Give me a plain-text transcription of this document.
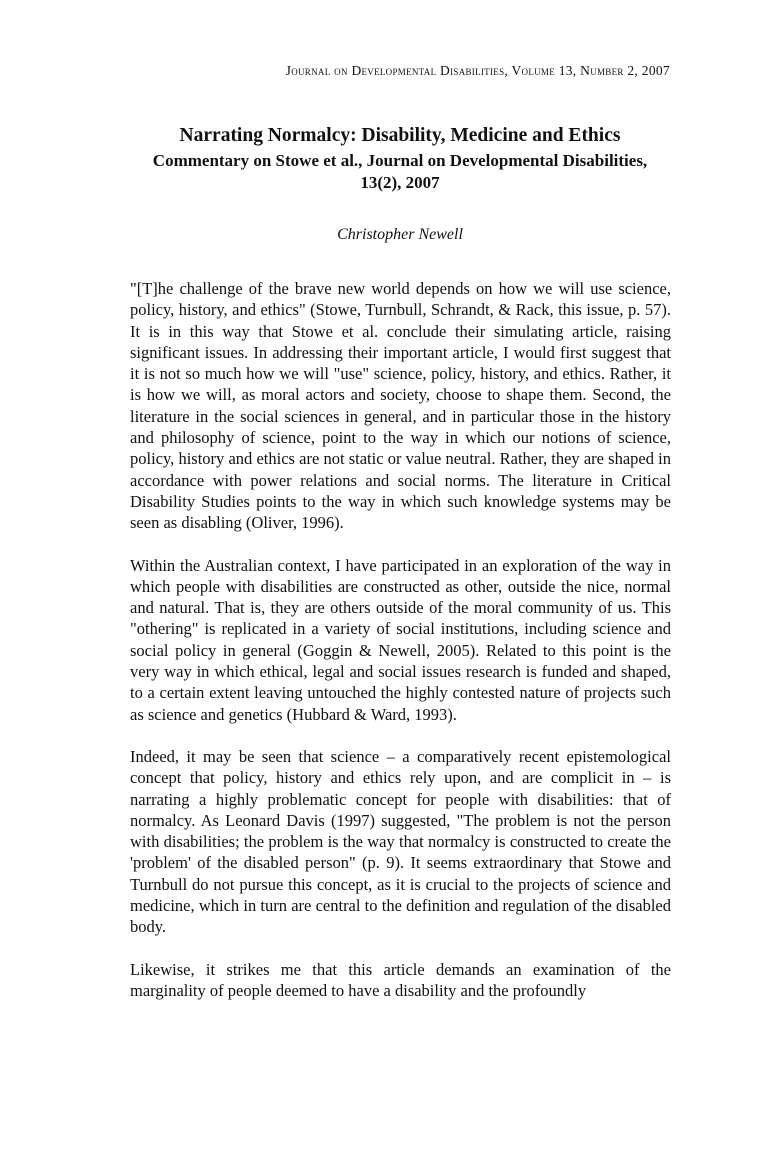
Journal on Developmental Disabilities, Volume 13, Number 2, 2007
Narrating Normalcy: Disability, Medicine and Ethics
Commentary on Stowe et al., Journal on Developmental Disabilities, 13(2), 2007
Christopher Newell

"[T]he challenge of the brave new world depends on how we will use science, policy, history, and ethics" (Stowe, Turnbull, Schrandt, & Rack, this issue, p. 57). It is in this way that Stowe et al. conclude their simulating article, raising significant issues. In addressing their important article, I would first suggest that it is not so much how we will "use" science, policy, history, and ethics. Rather, it is how we will, as moral actors and society, choose to shape them. Second, the literature in the social sciences in general, and in particular those in the history and philosophy of science, point to the way in which our notions of science, policy, history and ethics are not static or value neutral. Rather, they are shaped in accordance with power relations and social norms. The literature in Critical Disability Studies points to the way in which such knowledge systems may be seen as disabling (Oliver, 1996).

Within the Australian context, I have participated in an exploration of the way in which people with disabilities are constructed as other, outside the nice, normal and natural. That is, they are others outside of the moral community of us. This "othering" is replicated in a variety of social institutions, including science and social policy in general (Goggin & Newell, 2005). Related to this point is the very way in which ethical, legal and social issues research is funded and shaped, to a certain extent leaving untouched the highly contested nature of projects such as science and genetics (Hubbard & Ward, 1993).

Indeed, it may be seen that science – a comparatively recent epistemological concept that policy, history and ethics rely upon, and are complicit in – is narrating a highly problematic concept for people with disabilities: that of normalcy. As Leonard Davis (1997) suggested, "The problem is not the person with disabilities; the problem is the way that normalcy is constructed to create the 'problem' of the disabled person" (p. 9). It seems extraordinary that Stowe and Turnbull do not pursue this concept, as it is crucial to the projects of science and medicine, which in turn are central to the definition and regulation of the disabled body.

Likewise, it strikes me that this article demands an examination of the marginality of people deemed to have a disability and the profoundly
